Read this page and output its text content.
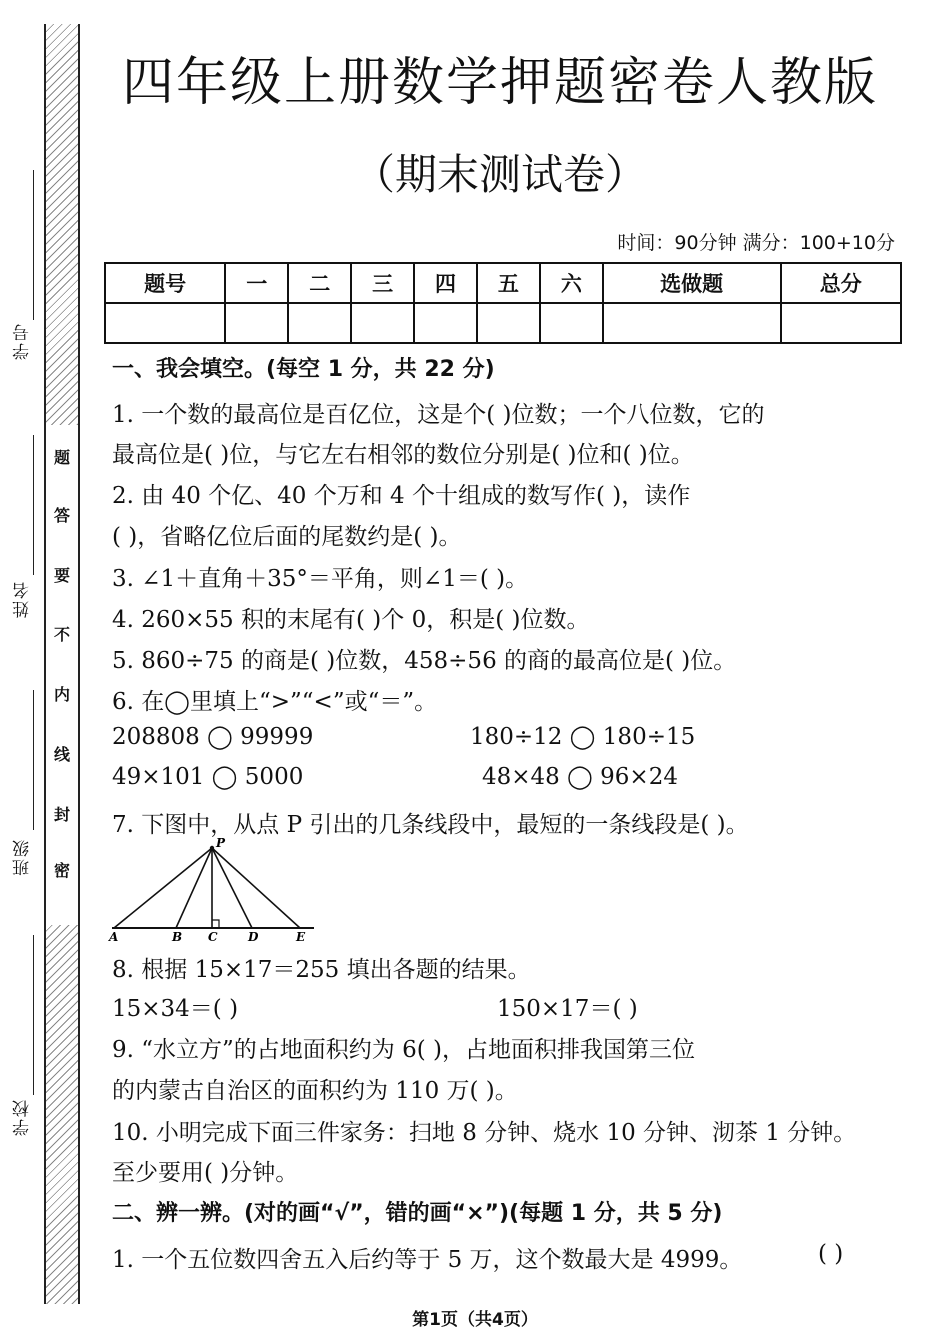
题
答
要
不
内
线
封
密
学号
姓名
班级
学校
四年级上册数学押题密卷人教版
（期末测试卷）
时间：90分钟 满分：100+10分
题号	一	二	三	四	五	六	选做题	总分

一、我会填空。(每空 1 分，共 22 分)
1. 一个数的最高位是百亿位，这是个( )位数；一个八位数，它的
最高位是( )位，与它左右相邻的数位分别是( )位和( )位。
2. 由 40 个亿、40 个万和 4 个十组成的数写作( )，读作
( )，省略亿位后面的尾数约是( )。
3. ∠1＋直角＋35°＝平角，则∠1＝( )。
4. 260×55 积的末尾有( )个 0，积是( )位数。
5. 860÷75 的商是( )位数，458÷56 的商的最高位是( )位。
6. 在◯里填上“>”“<”或“＝”。
208808 ◯ 99999	180÷12 ◯ 180÷15
49×101 ◯ 5000	48×48 ◯ 96×24
7. 下图中，从点 P 引出的几条线段中，最短的一条线段是( )。
P
A	B C	D	E
8. 根据 15×17＝255 填出各题的结果。
15×34＝( )	150×17＝( )
9. “水立方”的占地面积约为 6( )，占地面积排我国第三位
的内蒙古自治区的面积约为 110 万( )。
10. 小明完成下面三件家务：扫地 8 分钟、烧水 10 分钟、沏茶 1 分钟。
至少要用( )分钟。
二、辨一辨。(对的画“√”，错的画“×”)(每题 1 分，共 5 分)
1. 一个五位数四舍五入后约等于 5 万，这个数最大是 4999。	( )
第1页（共4页）
